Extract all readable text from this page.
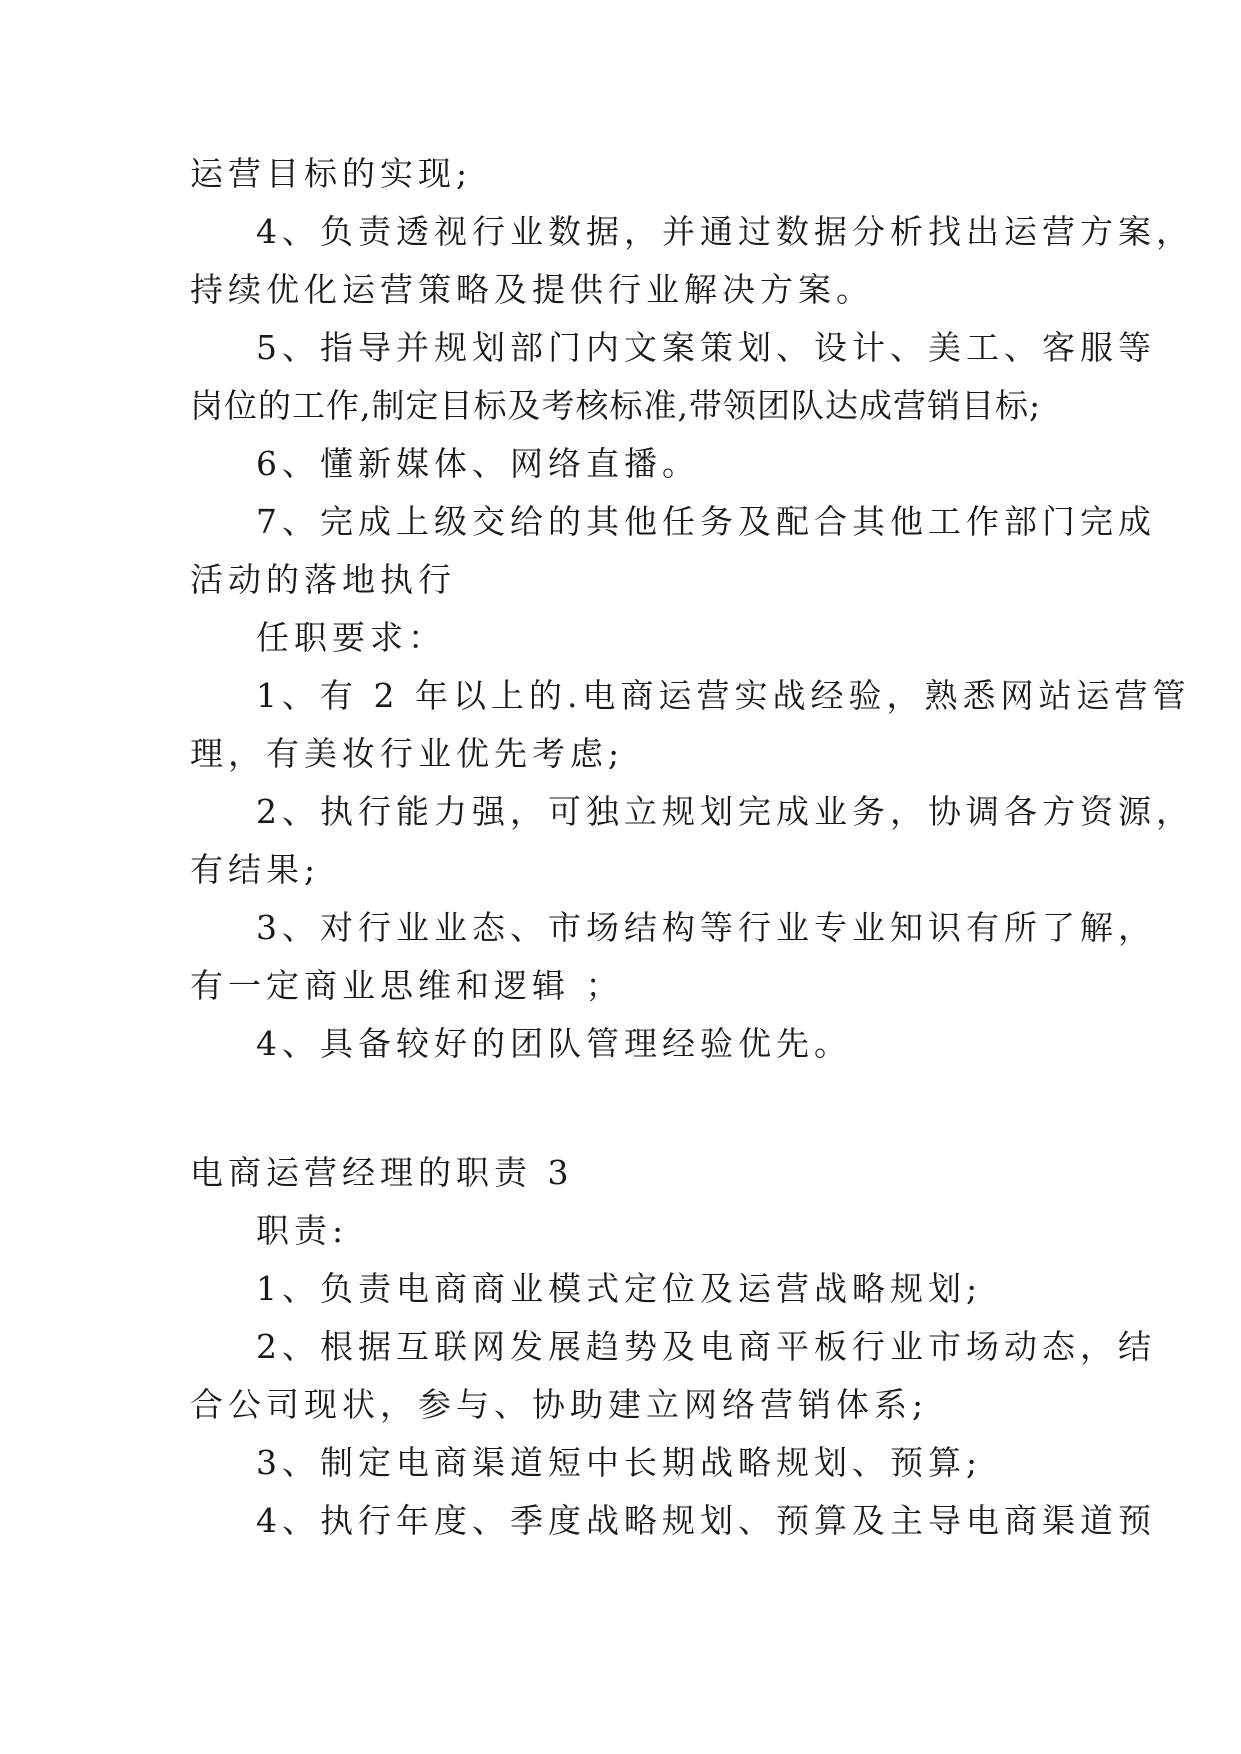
运营目标的实现;
4、负责透视行业数据，并通过数据分析找出运营方案，
持续优化运营策略及提供行业解决方案。
5、指导并规划部门内文案策划、设计、美工、客服等
岗位的工作,制定目标及考核标准,带领团队达成营销目标;
6、懂新媒体、网络直播。
7、完成上级交给的其他任务及配合其他工作部门完成
活动的落地执行
任职要求：
1、有 2 年以上的.电商运营实战经验，熟悉网站运营管
理，有美妆行业优先考虑;
2、执行能力强，可独立规划完成业务，协调各方资源，
有结果;
3、对行业业态、市场结构等行业专业知识有所了解，
有一定商业思维和逻辑 ；
4、具备较好的团队管理经验优先。
电商运营经理的职责 3
职责:
1、负责电商商业模式定位及运营战略规划;
2、根据互联网发展趋势及电商平板行业市场动态，结
合公司现状，参与、协助建立网络营销体系;
3、制定电商渠道短中长期战略规划、预算;
4、执行年度、季度战略规划、预算及主导电商渠道预
